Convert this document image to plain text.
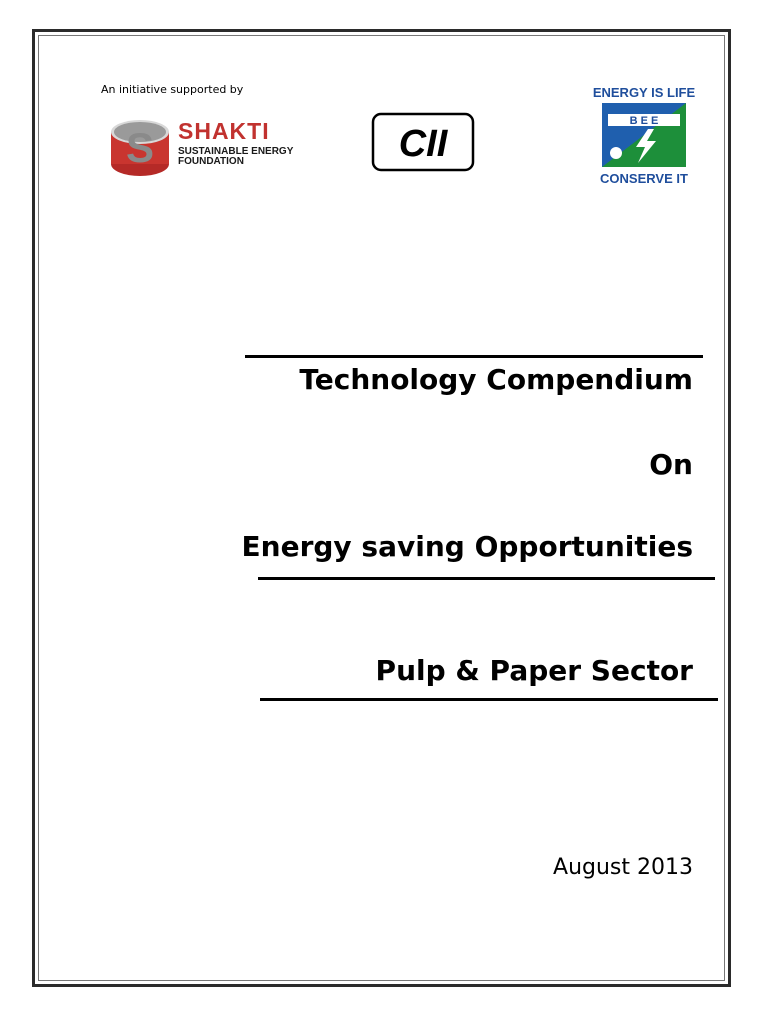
An initiative supported by
S SHAKTI
SUSTAINABLE ENERGY
FOUNDATION	CII
ENERGY IS LIFE
B E E
CONSERVE IT
Technology Compendium
On
Energy saving Opportunities
Pulp & Paper Sector
August 2013
